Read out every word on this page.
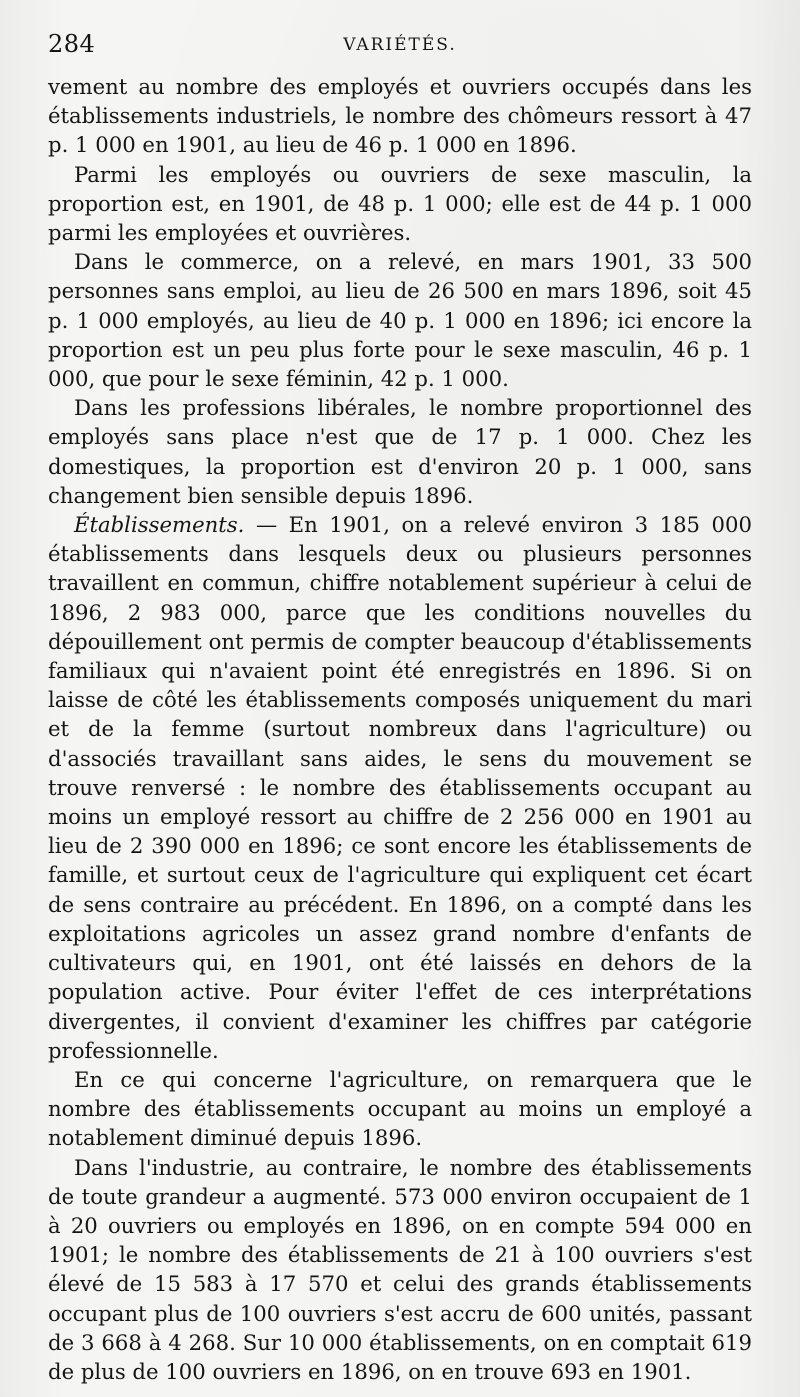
284	VARIÉTÉS.

vement au nombre des employés et ouvriers occupés dans les établissements industriels, le nombre des chômeurs ressort à 47 p. 1 000 en 1901, au lieu de 46 p. 1 000 en 1896.

Parmi les employés ou ouvriers de sexe masculin, la proportion est, en 1901, de 48 p. 1 000; elle est de 44 p. 1 000 parmi les employées et ouvrières.

Dans le commerce, on a relevé, en mars 1901, 33 500 personnes sans emploi, au lieu de 26 500 en mars 1896, soit 45 p. 1 000 employés, au lieu de 40 p. 1 000 en 1896; ici encore la proportion est un peu plus forte pour le sexe masculin, 46 p. 1 000, que pour le sexe féminin, 42 p. 1 000.

Dans les professions libérales, le nombre proportionnel des employés sans place n'est que de 17 p. 1 000. Chez les domestiques, la proportion est d'environ 20 p. 1 000, sans changement bien sensible depuis 1896.

Établissements. — En 1901, on a relevé environ 3 185 000 établissements dans lesquels deux ou plusieurs personnes travaillent en commun, chiffre notablement supérieur à celui de 1896, 2 983 000, parce que les conditions nouvelles du dépouillement ont permis de compter beaucoup d'établissements familiaux qui n'avaient point été enregistrés en 1896. Si on laisse de côté les établissements composés uniquement du mari et de la femme (surtout nombreux dans l'agriculture) ou d'associés travaillant sans aides, le sens du mouvement se trouve renversé : le nombre des établissements occupant au moins un employé ressort au chiffre de 2 256 000 en 1901 au lieu de 2 390 000 en 1896; ce sont encore les établissements de famille, et surtout ceux de l'agriculture qui expliquent cet écart de sens contraire au précédent. En 1896, on a compté dans les exploitations agricoles un assez grand nombre d'enfants de cultivateurs qui, en 1901, ont été laissés en dehors de la population active. Pour éviter l'effet de ces interprétations divergentes, il convient d'examiner les chiffres par catégorie professionnelle.

En ce qui concerne l'agriculture, on remarquera que le nombre des établissements occupant au moins un employé a notablement diminué depuis 1896.

Dans l'industrie, au contraire, le nombre des établissements de toute grandeur a augmenté. 573 000 environ occupaient de 1 à 20 ouvriers ou employés en 1896, on en compte 594 000 en 1901; le nombre des établissements de 21 à 100 ouvriers s'est élevé de 15 583 à 17 570 et celui des grands établissements occupant plus de 100 ouvriers s'est accru de 600 unités, passant de 3 668 à 4 268. Sur 10 000 établissements, on en comptait 619 de plus de 100 ouvriers en 1896, on en trouve 693 en 1901.
